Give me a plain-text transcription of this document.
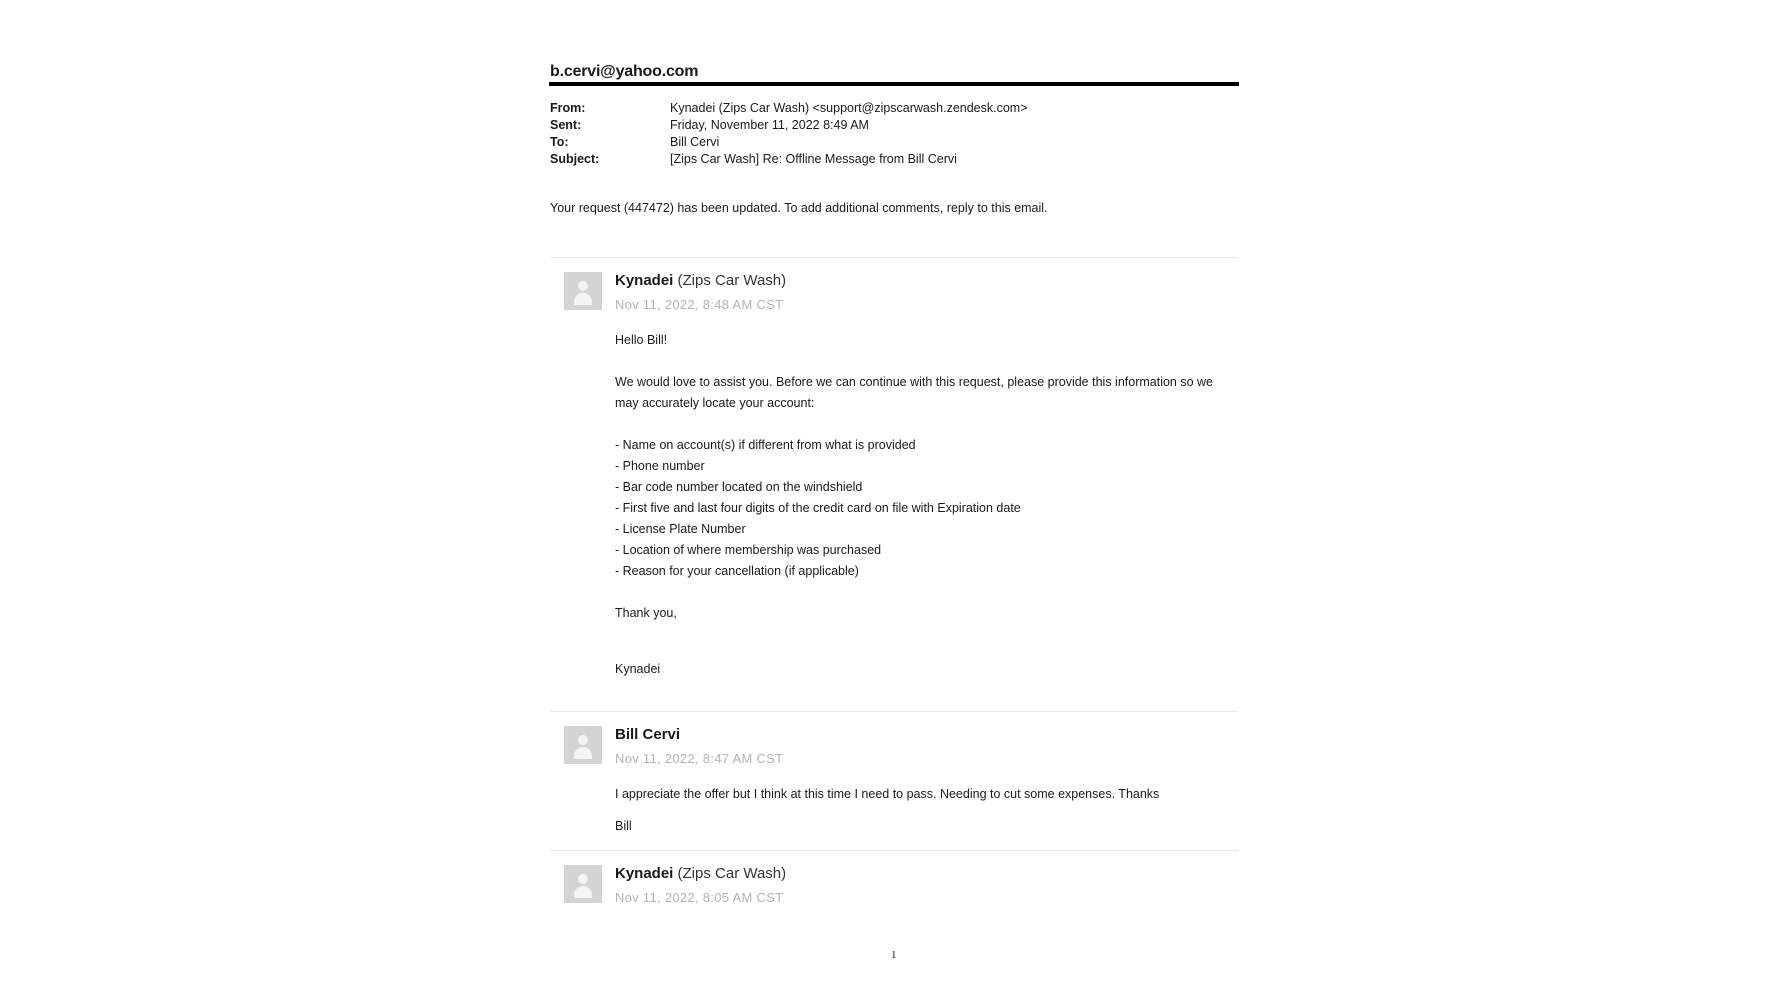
b.cervi@yahoo.com
From:	Kynadei (Zips Car Wash) <support@zipscarwash.zendesk.com>
Sent:	Friday, November 11, 2022 8:49 AM
To:	Bill Cervi
Subject:	[Zips Car Wash] Re: Offline Message from Bill Cervi
Your request (447472) has been updated. To add additional comments, reply to this email.
Kynadei (Zips Car Wash)
Nov 11, 2022, 8:48 AM CST

Hello Bill!

We would love to assist you. Before we can continue with this request, please provide this information so we may accurately locate your account:

- Name on account(s) if different from what is provided

- Phone number

- Bar code number located on the windshield

- First five and last four digits of the credit card on file with Expiration date

- License Plate Number

- Location of where membership was purchased

- Reason for your cancellation (if applicable)

Thank you,

Kynadei

Bill Cervi
Nov 11, 2022, 8:47 AM CST

I appreciate the offer but I think at this time I need to pass. Needing to cut some expenses. Thanks

Bill

Kynadei (Zips Car Wash)
Nov 11, 2022, 8:05 AM CST
1
